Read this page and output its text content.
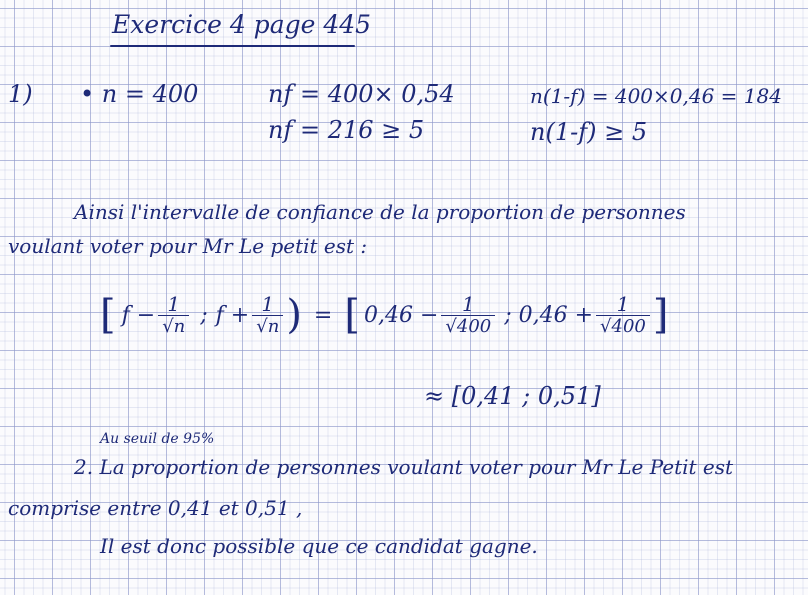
Exercice 4 page 445
1) • n = 400	nf = 400× 0,54
nf = 216 ≥ 5
n(1-f) = 400×0,46 = 184
n(1-f) ≥ 5
Ainsi l'intervalle de confiance de la proportion de personnes
voulant voter pour Mr Le petit est :
[ $f - \frac{1}{√n}$ ; $f + \frac{1}{√n}$ ) = [ $0,46 - \frac{1}{√400}$ ; $0,46 + \frac{1}{√400}$ ]
≈ [0,41 ; 0,51]
Au seuil de 95%
2. La proportion de personnes voulant voter pour Mr Le Petit est
comprise entre 0,41 et 0,51 ,
Il est donc possible que ce candidat gagne.
